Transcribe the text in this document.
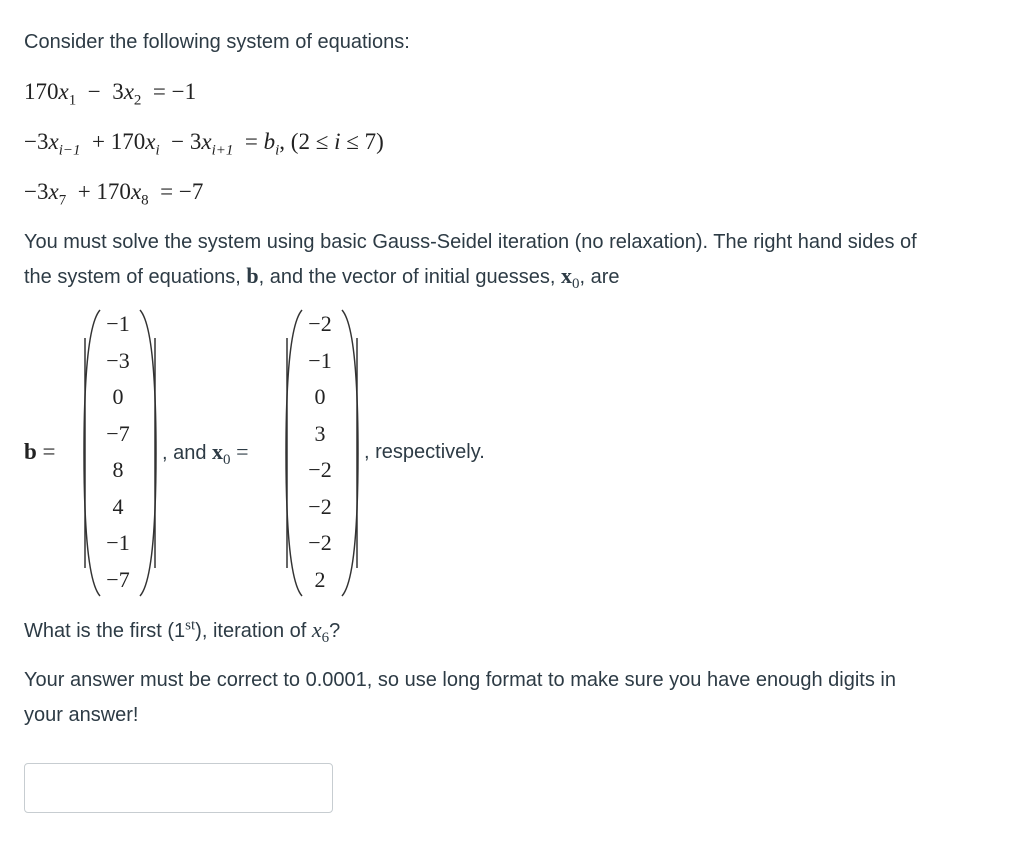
Consider the following system of equations:
$170x_1 - 3x_2 = -1$
$-3x_{i-1} + 170x_i - 3x_{i+1} = b_i$, (2 ≤ i ≤ 7)
$-3x_7 + 170x_8 = -7$
You must solve the system using basic Gauss-Seidel iteration (no relaxation). The right hand sides of
the system of equations, b, and the vector of initial guesses, $x_0$, are
b =
−1
−3
0
−7
8
4
−1
−7
, and $x_0$ =
−2
−1
0
3
−2
−2
−2
2
, respectively.
What is the first (1st), iteration of $x_6$?
Your answer must be correct to 0.0001, so use long format to make sure you have enough digits in
your answer!
